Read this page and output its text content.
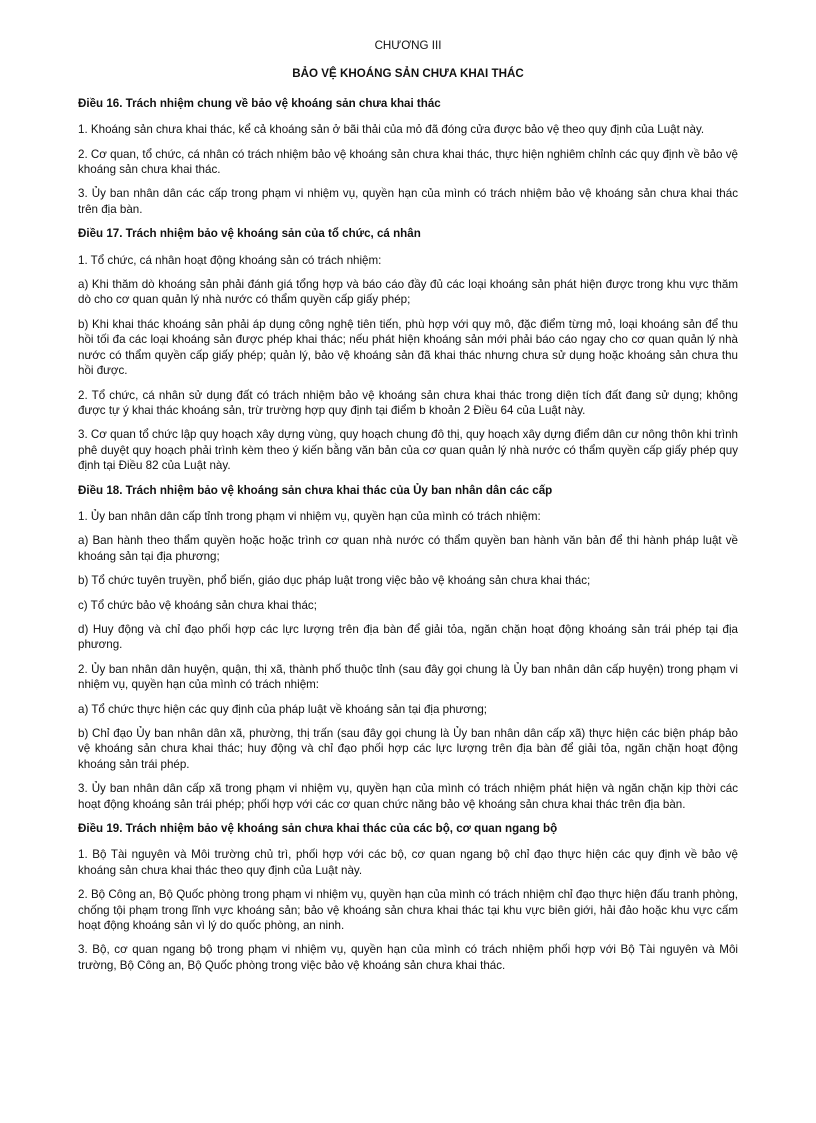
CHƯƠNG III
BẢO VỆ KHOÁNG SẢN CHƯA KHAI THÁC
Điều 16. Trách nhiệm chung về bảo vệ khoáng sản chưa khai thác
1. Khoáng sản chưa khai thác, kể cả khoáng sản ở bãi thải của mỏ đã đóng cửa được bảo vệ theo quy định của Luật này.
2. Cơ quan, tổ chức, cá nhân có trách nhiệm bảo vệ khoáng sản chưa khai thác, thực hiện nghiêm chỉnh các quy định về bảo vệ khoáng sản chưa khai thác.
3. Ủy ban nhân dân các cấp trong phạm vi nhiệm vụ, quyền hạn của mình có trách nhiệm bảo vệ khoáng sản chưa khai thác trên địa bàn.
Điều 17. Trách nhiệm bảo vệ khoáng sản của tổ chức, cá nhân
1. Tổ chức, cá nhân hoạt động khoáng sản có trách nhiệm:
a) Khi thăm dò khoáng sản phải đánh giá tổng hợp và báo cáo đầy đủ các loại khoáng sản phát hiện được trong khu vực thăm dò cho cơ quan quản lý nhà nước có thẩm quyền cấp giấy phép;
b) Khi khai thác khoáng sản phải áp dụng công nghệ tiên tiến, phù hợp với quy mô, đặc điểm từng mỏ, loại khoáng sản để thu hồi tối đa các loại khoáng sản được phép khai thác; nếu phát hiện khoáng sản mới phải báo cáo ngay cho cơ quan quản lý nhà nước có thẩm quyền cấp giấy phép; quản lý, bảo vệ khoáng sản đã khai thác nhưng chưa sử dụng hoặc khoáng sản chưa thu hồi được.
2. Tổ chức, cá nhân sử dụng đất có trách nhiệm bảo vệ khoáng sản chưa khai thác trong diện tích đất đang sử dụng; không được tự ý khai thác khoáng sản, trừ trường hợp quy định tại điểm b khoản 2 Điều 64 của Luật này.
3. Cơ quan tổ chức lập quy hoạch xây dựng vùng, quy hoạch chung đô thị, quy hoạch xây dựng điểm dân cư nông thôn khi trình phê duyệt quy hoạch phải trình kèm theo ý kiến bằng văn bản của cơ quan quản lý nhà nước có thẩm quyền cấp giấy phép quy định tại Điều 82 của Luật này.
Điều 18. Trách nhiệm bảo vệ khoáng sản chưa khai thác của Ủy ban nhân dân các cấp
1. Ủy ban nhân dân cấp tỉnh trong phạm vi nhiệm vụ, quyền hạn của mình có trách nhiệm:
a) Ban hành theo thẩm quyền hoặc hoặc trình cơ quan nhà nước có thẩm quyền ban hành văn bản để thi hành pháp luật về khoáng sản tại địa phương;
b) Tổ chức tuyên truyền, phổ biến, giáo dục pháp luật trong việc bảo vệ khoáng sản chưa khai thác;
c) Tổ chức bảo vệ khoáng sản chưa khai thác;
d) Huy động và chỉ đạo phối hợp các lực lượng trên địa bàn để giải tỏa, ngăn chặn hoạt động khoáng sản trái phép tại địa phương.
2. Ủy ban nhân dân huyện, quận, thị xã, thành phố thuộc tỉnh (sau đây gọi chung là Ủy ban nhân dân cấp huyện) trong phạm vi nhiệm vụ, quyền hạn của mình có trách nhiệm:
a) Tổ chức thực hiện các quy định của pháp luật về khoáng sản tại địa phương;
b) Chỉ đạo Ủy ban nhân dân xã, phường, thị trấn (sau đây gọi chung là Ủy ban nhân dân cấp xã) thực hiện các biện pháp bảo vệ khoáng sản chưa khai thác; huy động và chỉ đạo phối hợp các lực lượng trên địa bàn để giải tỏa, ngăn chặn hoạt động khoáng sản trái phép.
3. Ủy ban nhân dân cấp xã trong phạm vi nhiệm vụ, quyền hạn của mình có trách nhiệm phát hiện và ngăn chặn kịp thời các hoạt động khoáng sản trái phép; phối hợp với các cơ quan chức năng bảo vệ khoáng sản chưa khai thác trên địa bàn.
Điều 19. Trách nhiệm bảo vệ khoáng sản chưa khai thác của các bộ, cơ quan ngang bộ
1. Bộ Tài nguyên và Môi trường chủ trì, phối hợp với các bộ, cơ quan ngang bộ chỉ đạo thực hiện các quy định về bảo vệ khoáng sản chưa khai thác theo quy định của Luật này.
2. Bộ Công an, Bộ Quốc phòng trong phạm vi nhiệm vụ, quyền hạn của mình có trách nhiệm chỉ đạo thực hiện đấu tranh phòng, chống tội phạm trong lĩnh vực khoáng sản; bảo vệ khoáng sản chưa khai thác tại khu vực biên giới, hải đảo hoặc khu vực cấm hoạt động khoáng sản vì lý do quốc phòng, an ninh.
3. Bộ, cơ quan ngang bộ trong phạm vi nhiệm vụ, quyền hạn của mình có trách nhiệm phối hợp với Bộ Tài nguyên và Môi trường, Bộ Công an, Bộ Quốc phòng trong việc bảo vệ khoáng sản chưa khai thác.
